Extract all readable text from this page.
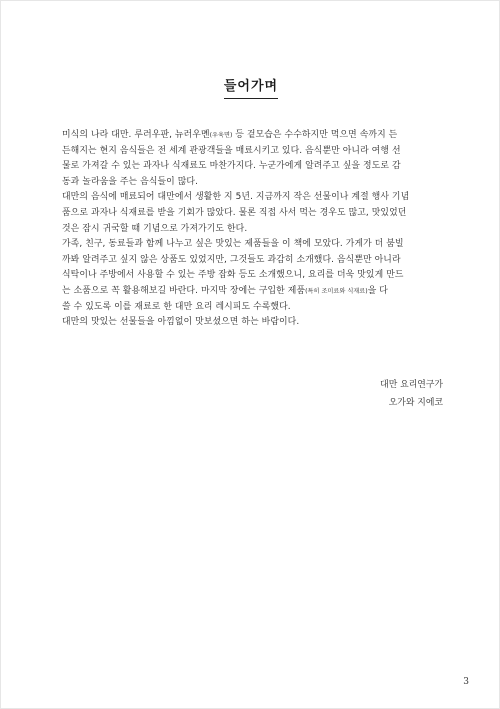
들어가며
미식의 나라 대만. 루러우판, 뉴러우몐(우육면) 등 겉모습은 수수하지만 먹으면 속까지 든
든해지는 현지 음식들은 전 세계 관광객들을 매료시키고 있다. 음식뿐만 아니라 여행 선
물로 가져갈 수 있는 과자나 식재료도 마찬가지다. 누군가에게 알려주고 싶을 정도로 감
동과 놀라움을 주는 음식들이 많다.
대만의 음식에 매료되어 대만에서 생활한 지 5년. 지금까지 작은 선물이나 계절 행사 기념
품으로 과자나 식재료를 받을 기회가 많았다. 물론 직접 사서 먹는 경우도 많고, 맛있었던
것은 잠시 귀국할 때 기념으로 가져가기도 한다.
가족, 친구, 동료들과 함께 나누고 싶은 맛있는 제품들을 이 책에 모았다. 가게가 더 붐빌
까봐 알려주고 싶지 않은 상품도 있었지만, 그것들도 과감히 소개했다. 음식뿐만 아니라
식탁이나 주방에서 사용할 수 있는 주방 잡화 등도 소개했으니, 요리를 더욱 맛있게 만드
는 소품으로 꼭 활용해보길 바란다. 마지막 장에는 구입한 제품(특히 조미료와 식재료)을 다
쓸 수 있도록 이를 재료로 한 대만 요리 레시피도 수록했다.
대만의 맛있는 선물들을 아낌없이 맛보셨으면 하는 바람이다.
대만 요리연구가
오가와 지에코
3
